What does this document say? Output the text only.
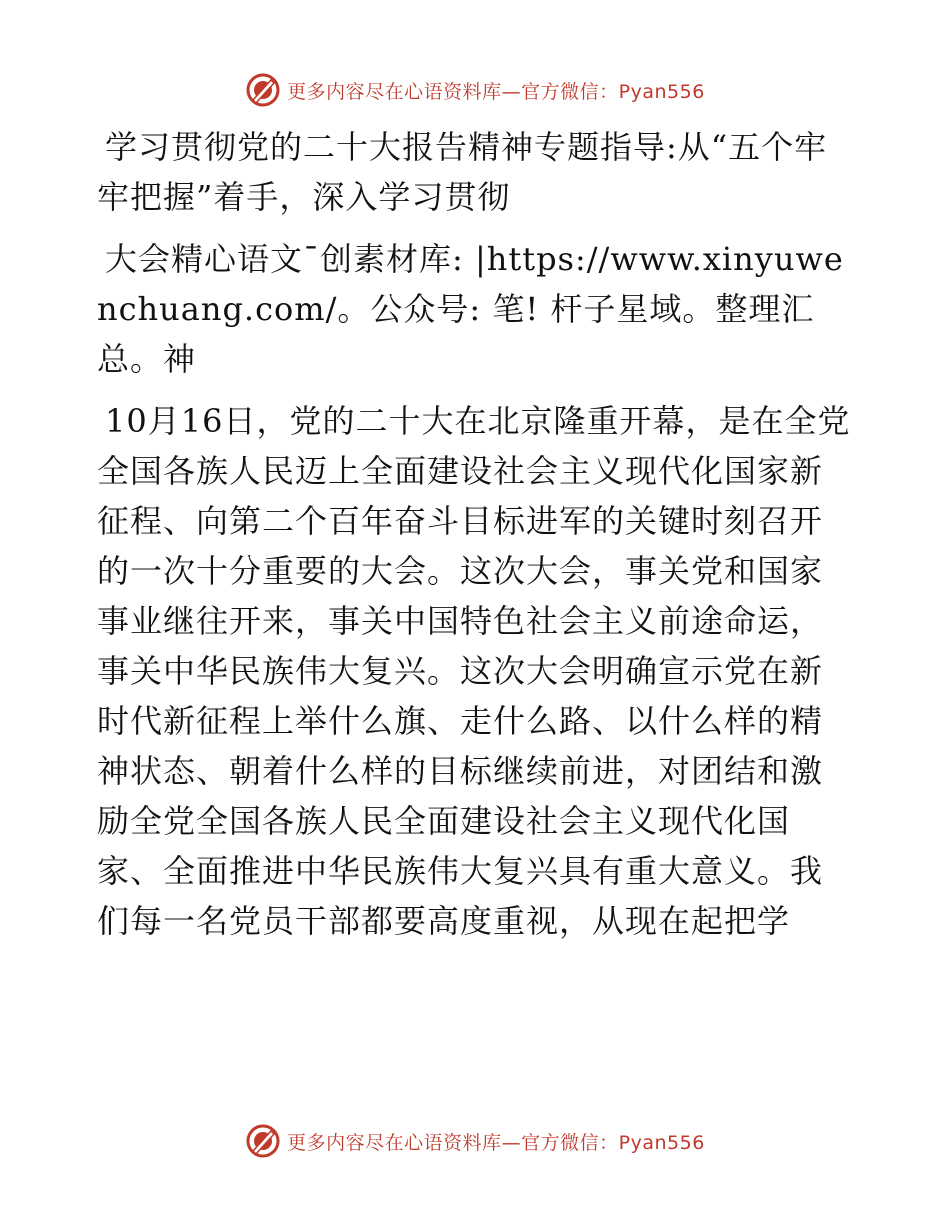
更多内容尽在心语资料库—官方微信：Pyan556

学习贯彻党的二十大报告精神专题指导:从“五个牢牢把握”着手，深入学习贯彻

大会精心语文¯创素材库: |https://www.xinyuwenchuang.com/。公众号: 笔! 杆子星域。整理汇总。神

10月16日，党的二十大在北京隆重开幕，是在全党全国各族人民迈上全面建设社会主义现代化国家新征程、向第二个百年奋斗目标进军的关键时刻召开的一次十分重要的大会。这次大会，事关党和国家事业继往开来，事关中国特色社会主义前途命运，事关中华民族伟大复兴。这次大会明确宣示党在新时代新征程上举什么旗、走什么路、以什么样的精神状态、朝着什么样的目标继续前进，对团结和激励全党全国各族人民全面建设社会主义现代化国家、全面推进中华民族伟大复兴具有重大意义。我们每一名党员干部都要高度重视，从现在起把学

更多内容尽在心语资料库—官方微信：Pyan556
